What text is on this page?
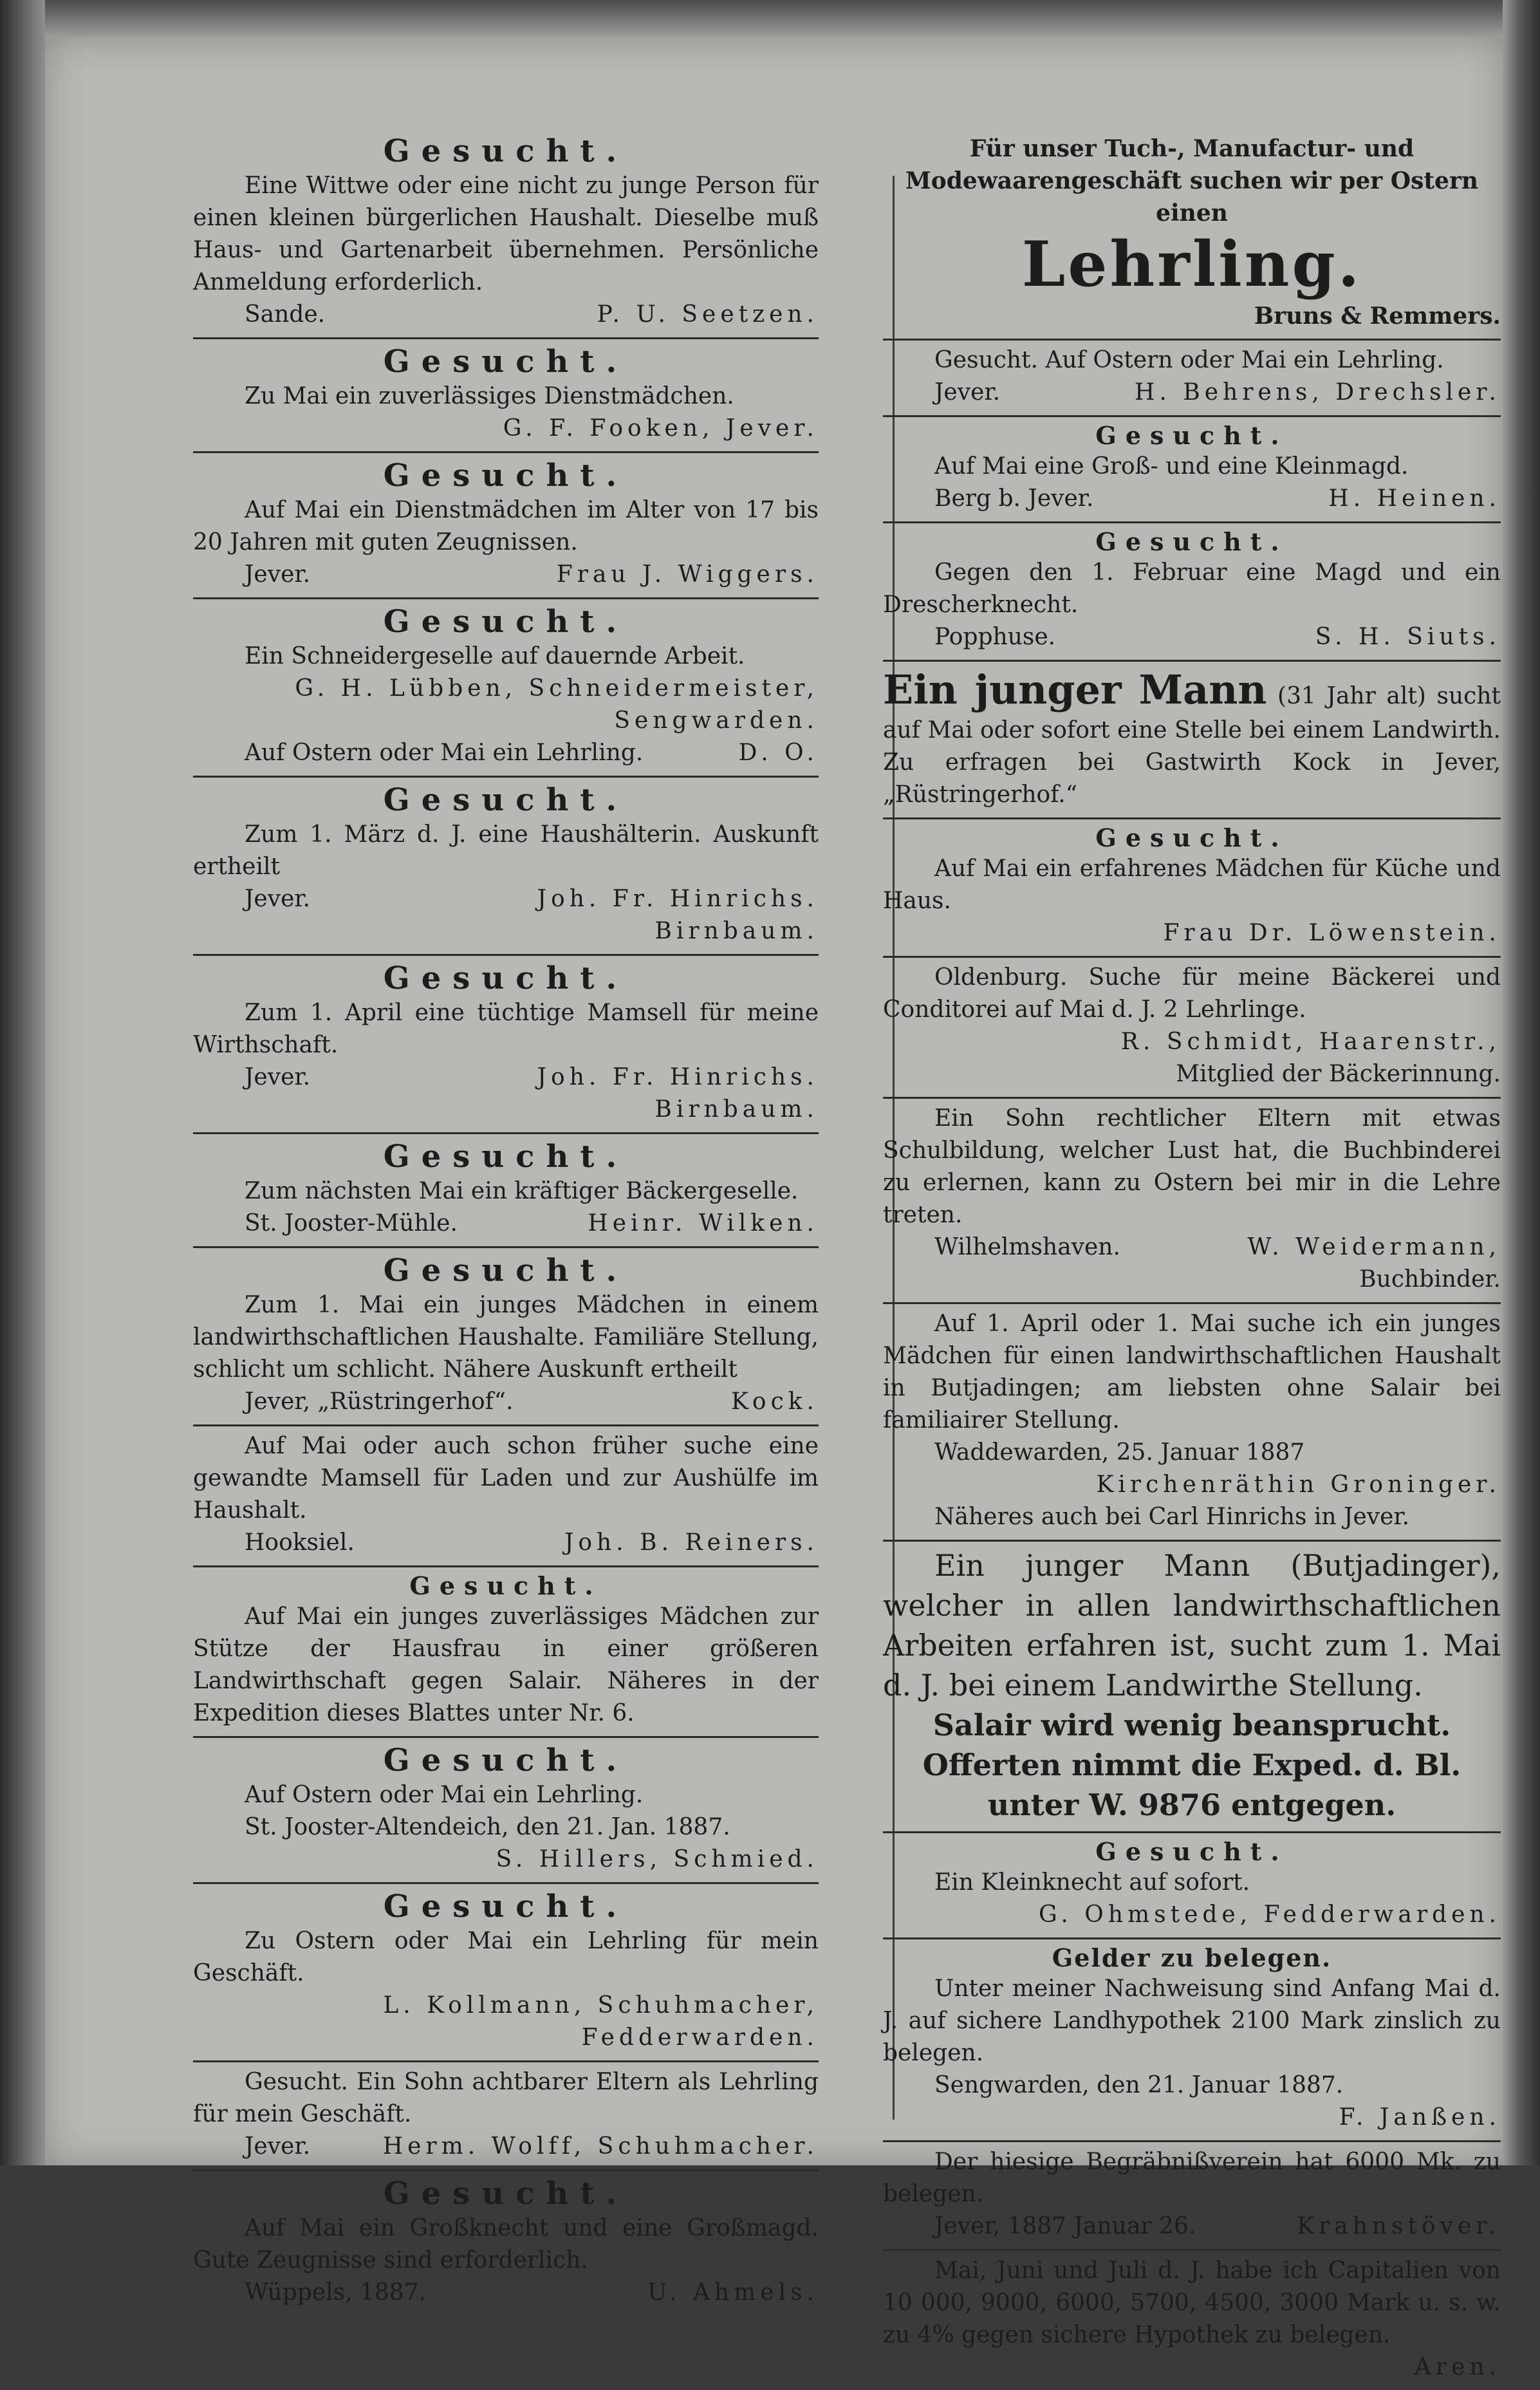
Gesucht.
Eine Wittwe oder eine nicht zu junge Person für einen kleinen bürgerlichen Haushalt. Dieselbe muß Haus- und Gartenarbeit übernehmen. Persönliche Anmeldung erforderlich.
Sande.	P. U. Seetzen.
Gesucht.
Zu Mai ein zuverlässiges Dienstmädchen.
G. F. Fooken, Jever.
Gesucht.
Auf Mai ein Dienstmädchen im Alter von 17 bis 20 Jahren mit guten Zeugnissen.
Jever.	Frau J. Wiggers.
Gesucht.
Ein Schneidergeselle auf dauernde Arbeit.
G. H. Lübben, Schneidermeister,
Sengwarden.
Auf Ostern oder Mai ein Lehrling.	D. O.
Gesucht.
Zum 1. März d. J. eine Haushälterin. Auskunft ertheilt
Jever.	Joh. Fr. Hinrichs.
Birnbaum.
Gesucht.
Zum 1. April eine tüchtige Mamsell für meine Wirthschaft.
Jever.	Joh. Fr. Hinrichs.
Birnbaum.
Gesucht.
Zum nächsten Mai ein kräftiger Bäckergeselle.
St. Jooster-Mühle.	Heinr. Wilken.
Gesucht.
Zum 1. Mai ein junges Mädchen in einem landwirthschaftlichen Haushalte. Familiäre Stellung, schlicht um schlicht. Nähere Auskunft ertheilt
Jever, „Rüstringerhof“.	Kock.
Auf Mai oder auch schon früher suche eine gewandte Mamsell für Laden und zur Aushülfe im Haushalt.
Hooksiel.	Joh. B. Reiners.
Gesucht.
Auf Mai ein junges zuverlässiges Mädchen zur Stütze der Hausfrau in einer größeren Landwirthschaft gegen Salair. Näheres in der Expedition dieses Blattes unter Nr. 6.
Gesucht.
Auf Ostern oder Mai ein Lehrling.
St. Jooster-Altendeich, den 21. Jan. 1887.
S. Hillers, Schmied.
Gesucht.
Zu Ostern oder Mai ein Lehrling für mein Geschäft.
L. Kollmann, Schuhmacher,
Fedderwarden.
Gesucht. Ein Sohn achtbarer Eltern als Lehrling für mein Geschäft.
Jever.	Herm. Wolff, Schuhmacher.
Gesucht.
Auf Mai ein Großknecht und eine Großmagd. Gute Zeugnisse sind erforderlich.
Wüppels, 1887.	U. Ahmels.
Für unser Tuch-, Manufactur- und Modewaarengeschäft suchen wir per Ostern einen
Lehrling.
Bruns & Remmers.
Gesucht. Auf Ostern oder Mai ein Lehrling.
Jever.	H. Behrens, Drechsler.
Gesucht.
Auf Mai eine Groß- und eine Kleinmagd.
Berg b. Jever.	H. Heinen.
Gesucht.
Gegen den 1. Februar eine Magd und ein Drescherknecht.
Popphuse.	S. H. Siuts.
Ein junger Mann (31 Jahr alt) sucht auf Mai oder sofort eine Stelle bei einem Landwirth. Zu erfragen bei Gastwirth Kock in Jever, „Rüstringerhof.“
Gesucht.
Auf Mai ein erfahrenes Mädchen für Küche und Haus.
Frau Dr. Löwenstein.
Oldenburg. Suche für meine Bäckerei und Conditorei auf Mai d. J. 2 Lehrlinge.
R. Schmidt, Haarenstr.,
Mitglied der Bäckerinnung.
Ein Sohn rechtlicher Eltern mit etwas Schulbildung, welcher Lust hat, die Buchbinderei zu erlernen, kann zu Ostern bei mir in die Lehre treten.
Wilhelmshaven.	W. Weidermann,
Buchbinder.
Auf 1. April oder 1. Mai suche ich ein junges Mädchen für einen landwirthschaftlichen Haushalt in Butjadingen; am liebsten ohne Salair bei familiairer Stellung.
Waddewarden, 25. Januar 1887
Kirchenräthin Groninger.
Näheres auch bei Carl Hinrichs in Jever.
Ein junger Mann (Butjadinger), welcher in allen landwirthschaftlichen Arbeiten erfahren ist, sucht zum 1. Mai d. J. bei einem Landwirthe Stellung.
Salair wird wenig beansprucht.
Offerten nimmt die Exped. d. Bl. unter W. 9876 entgegen.
Gesucht.
Ein Kleinknecht auf sofort.
G. Ohmstede, Fedderwarden.
Gelder zu belegen.
Unter meiner Nachweisung sind Anfang Mai d. J. auf sichere Landhypothek 2100 Mark zinslich zu belegen.
Sengwarden, den 21. Januar 1887.
F. Janßen.
Der hiesige Begräbnißverein hat 6000 Mk. zu belegen.
Jever, 1887 Januar 26.	Krahnstöver.
Mai, Juni und Juli d. J. habe ich Capitalien von 10 000, 9000, 6000, 5700, 4500, 3000 Mark u. s. w. zu 4% gegen sichere Hypothek zu belegen.
Aren.
